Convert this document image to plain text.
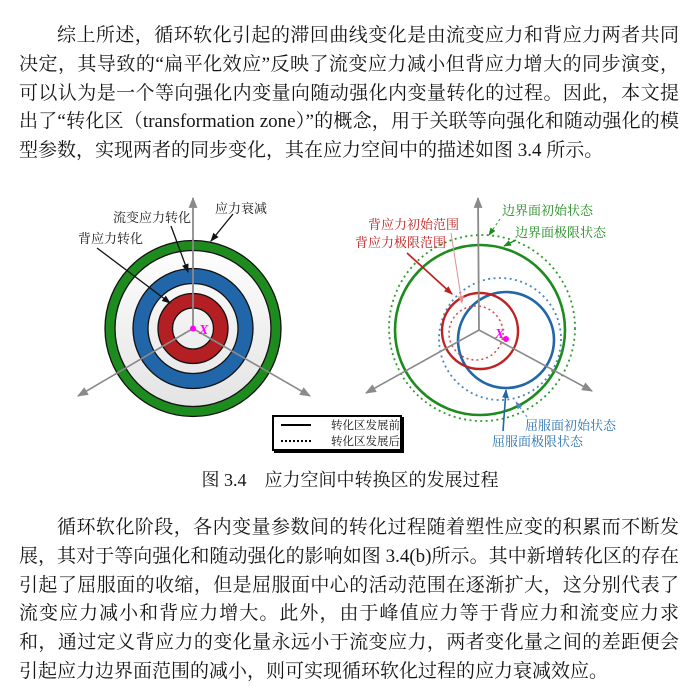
综上所述，循环软化引起的滞回曲线变化是由流变应力和背应力两者共同决定，其导致的“扁平化效应”反映了流变应力减小但背应力增大的同步演变，可以认为是一个等向强化内变量向随动强化内变量转化的过程。因此，本文提出了“转化区（transformation zone）”的概念，用于关联等向强化和随动强化的模型参数，实现两者的同步变化，其在应力空间中的描述如图 3.4 所示。

X
流变应力转化
背应力转化
应力衰减
X
背应力初始范围
背应力极限范围
边界面初始状态
边界面极限状态
屈服面初始状态
屈服面极限状态
转化区发展前
转化区发展后
图 3.4　应力空间中转换区的发展过程

循环软化阶段，各内变量参数间的转化过程随着塑性应变的积累而不断发展，其对于等向强化和随动强化的影响如图 3.4(b)所示。其中新增转化区的存在引起了屈服面的收缩，但是屈服面中心的活动范围在逐渐扩大，这分别代表了流变应力减小和背应力增大。此外，由于峰值应力等于背应力和流变应力求和，通过定义背应力的变化量永远小于流变应力，两者变化量之间的差距便会引起应力边界面范围的减小，则可实现循环软化过程的应力衰减效应。
